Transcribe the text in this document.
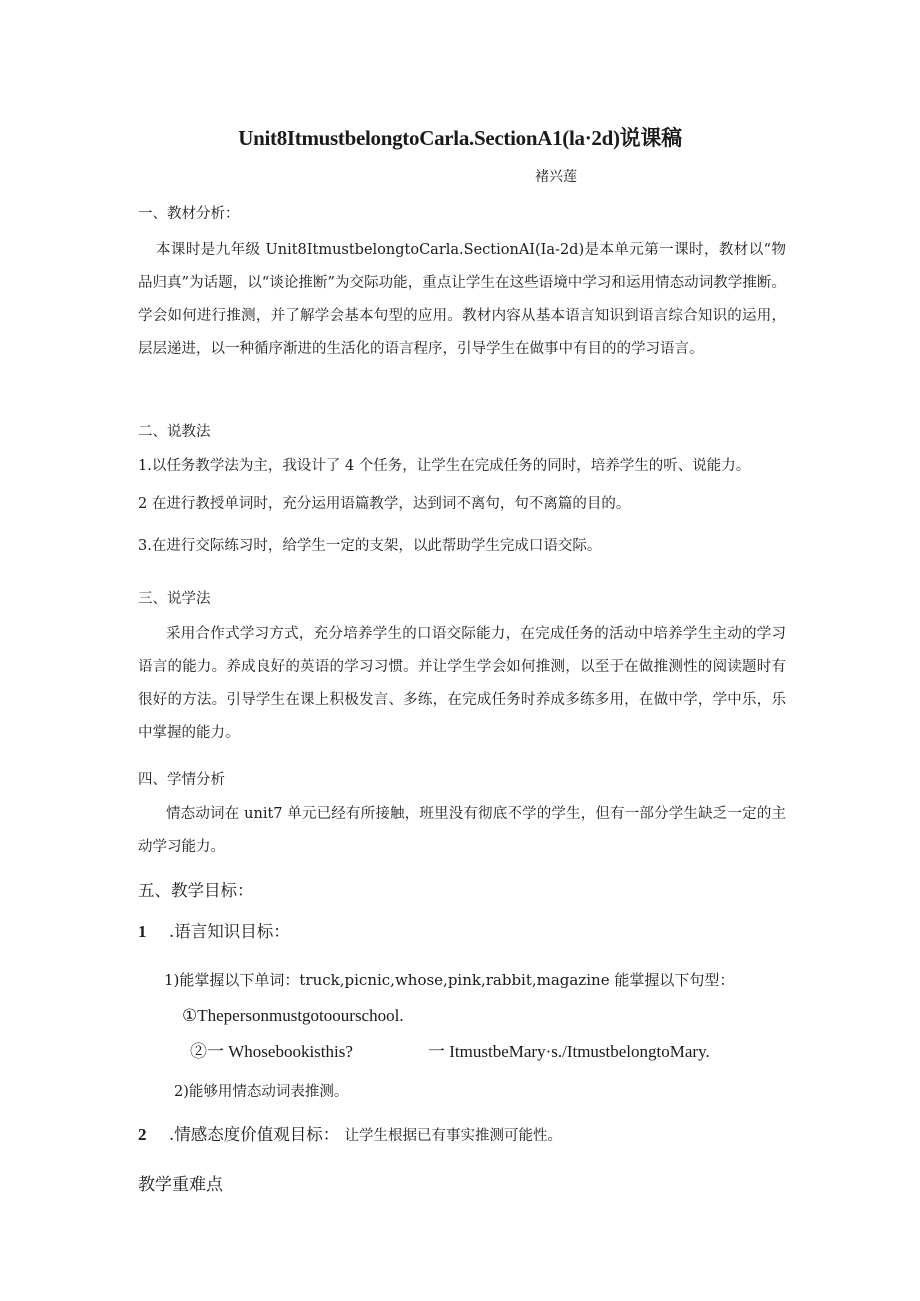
Unit8ItmustbelongtoCarla.SectionA1(la·2d)说课稿
褚兴莲
一、教材分析：
本课时是九年级 Unit8ItmustbelongtoCarla.SectionAI(Ia-2d)是本单元第一课时，教材以“物品归真”为话题，以“谈论推断”为交际功能，重点让学生在这些语境中学习和运用情态动词教学推断。学会如何进行推测，并了解学会基本句型的应用。教材内容从基本语言知识到语言综合知识的运用，层层递进，以一种循序渐进的生活化的语言程序，引导学生在做事中有目的的学习语言。
二、说教法
1.以任务教学法为主，我设计了 4 个任务，让学生在完成任务的同时，培养学生的听、说能力。
2 在进行教授单词时，充分运用语篇教学，达到词不离句，句不离篇的目的。
3.在进行交际练习时，给学生一定的支架，以此帮助学生完成口语交际。
三、说学法
采用合作式学习方式，充分培养学生的口语交际能力，在完成任务的活动中培养学生主动的学习语言的能力。养成良好的英语的学习习惯。并让学生学会如何推测，以至于在做推测性的阅读题时有很好的方法。引导学生在课上积极发言、多练，在完成任务时养成多练多用，在做中学，学中乐，乐中掌握的能力。
四、学情分析
情态动词在 unit7 单元已经有所接触，班里没有彻底不学的学生，但有一部分学生缺乏一定的主动学习能力。
五、教学目标：
1 .语言知识目标：
1)能掌握以下单词：truck,picnic,whose,pink,rabbit,magazine 能掌握以下句型：
①Thepersonmustgotoourschool.
②一 Whosebookisthis?	一 ItmustbeMary·s./ItmustbelongtoMary.
2)能够用情态动词表推测。
2 .情感态度价值观目标： 让学生根据已有事实推测可能性。
教学重难点
